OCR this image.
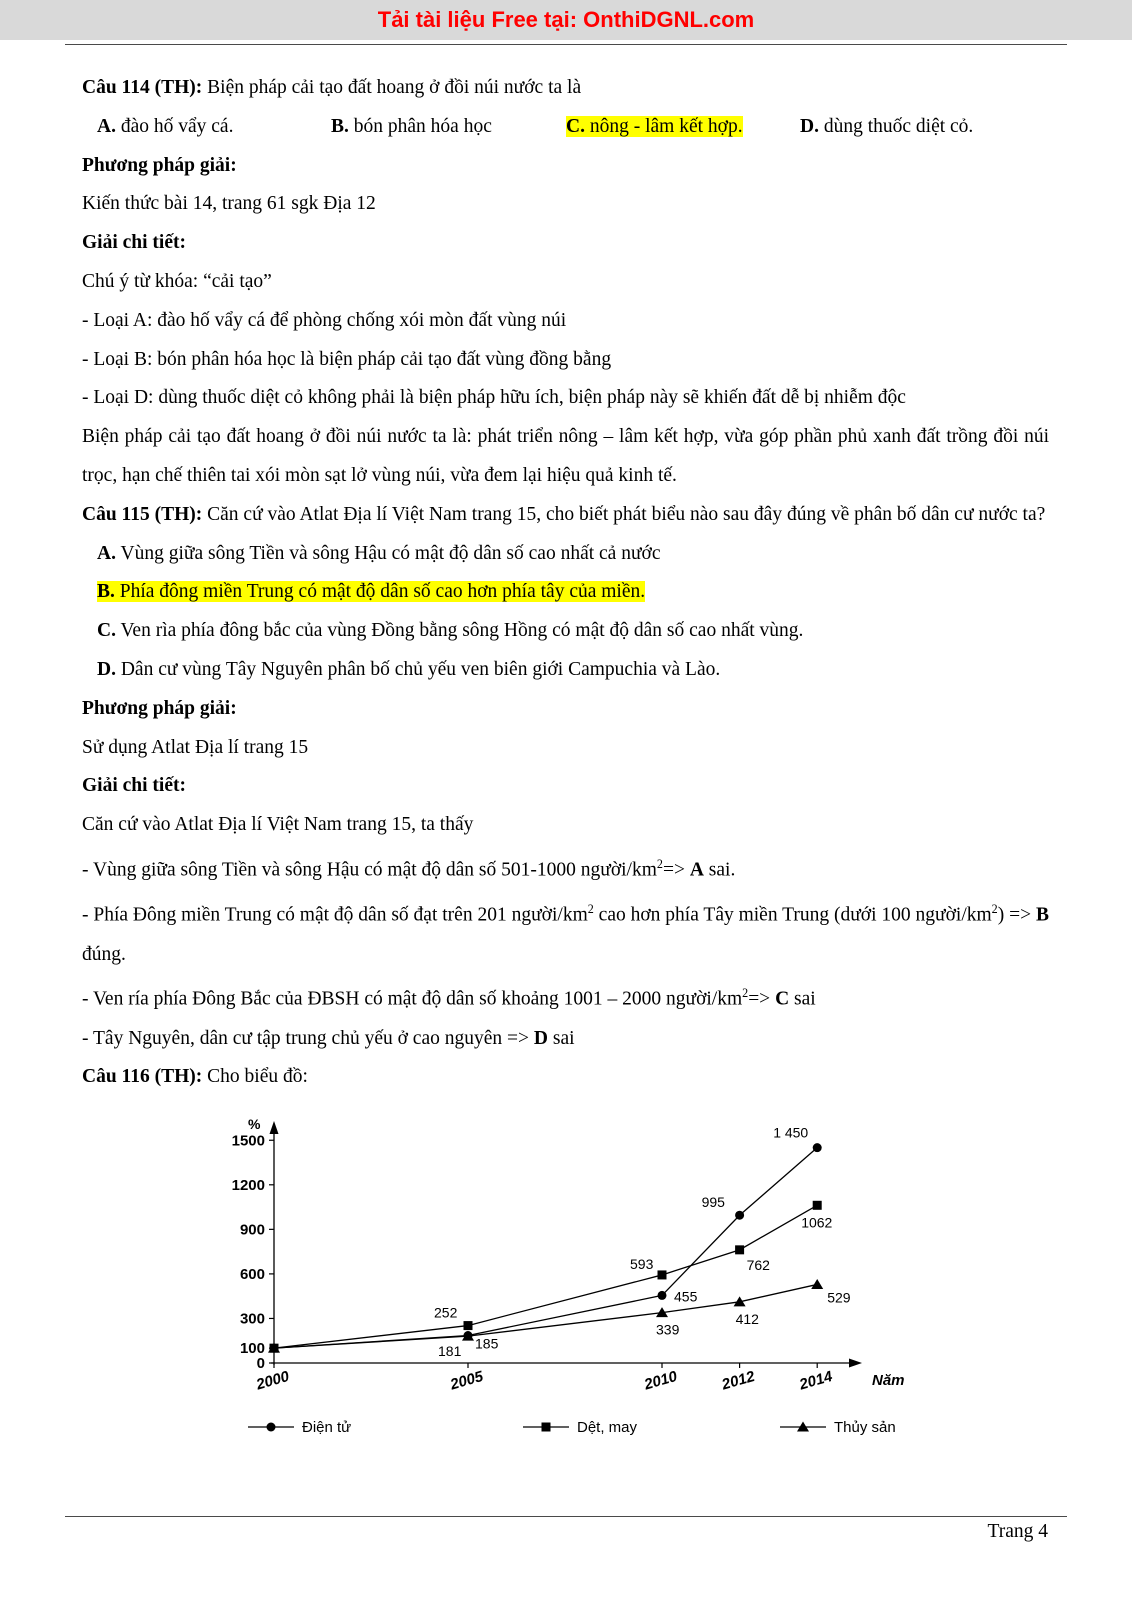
Tải tài liệu Free tại: OnthiDGNL.com

Câu 114 (TH): Biện pháp cải tạo đất hoang ở đồi núi nước ta là

A. đào hố vẩy cá.	B. bón phân hóa học	C. nông - lâm kết hợp.	D. dùng thuốc diệt cỏ.

Phương pháp giải:

Kiến thức bài 14, trang 61 sgk Địa 12

Giải chi tiết:

Chú ý từ khóa: “cải tạo”

- Loại A: đào hố vẩy cá để phòng chống xói mòn đất vùng núi

- Loại B: bón phân hóa học là biện pháp cải tạo đất vùng đồng bằng

- Loại D: dùng thuốc diệt cỏ không phải là biện pháp hữu ích, biện pháp này sẽ khiến đất dễ bị nhiễm độc

Biện pháp cải tạo đất hoang ở đồi núi nước ta là: phát triển nông – lâm kết hợp, vừa góp phần phủ xanh đất trồng đồi núi trọc, hạn chế thiên tai xói mòn sạt lở vùng núi, vừa đem lại hiệu quả kinh tế.

Câu 115 (TH): Căn cứ vào Atlat Địa lí Việt Nam trang 15, cho biết phát biểu nào sau đây đúng về phân bố dân cư nước ta?

A. Vùng giữa sông Tiền và sông Hậu có mật độ dân số cao nhất cả nước

B. Phía đông miền Trung có mật độ dân số cao hơn phía tây của miền.

C. Ven rìa phía đông bắc của vùng Đồng bằng sông Hồng có mật độ dân số cao nhất vùng.

D. Dân cư vùng Tây Nguyên phân bố chủ yếu ven biên giới Campuchia và Lào.

Phương pháp giải:

Sử dụng Atlat Địa lí trang 15

Giải chi tiết:

Căn cứ vào Atlat Địa lí Việt Nam trang 15, ta thấy

- Vùng giữa sông Tiền và sông Hậu có mật độ dân số 501-1000 người/$km^2=> A$ sai.

- Phía Đông miền Trung có mật độ dân số đạt trên 201 người/$km^2$ cao hơn phía Tây miền Trung (dưới 100 người/$km^2) => B$ đúng.

- Ven ría phía Đông Bắc của ĐBSH có mật độ dân số khoảng 1001 – 2000 người/$km^2=> C$ sai

- Tây Nguyên, dân cư tập trung chủ yếu ở cao nguyên => D sai

Câu 116 (TH): Cho biểu đồ:

%
Năm
0
100
300
600
900
1200
1500
2000	2005	2010	2012	2014
185
455
995
1 450
252
593	762
1062
181
339
412
529
Điện tử	Dệt, may	Thủy sản
Trang 4
